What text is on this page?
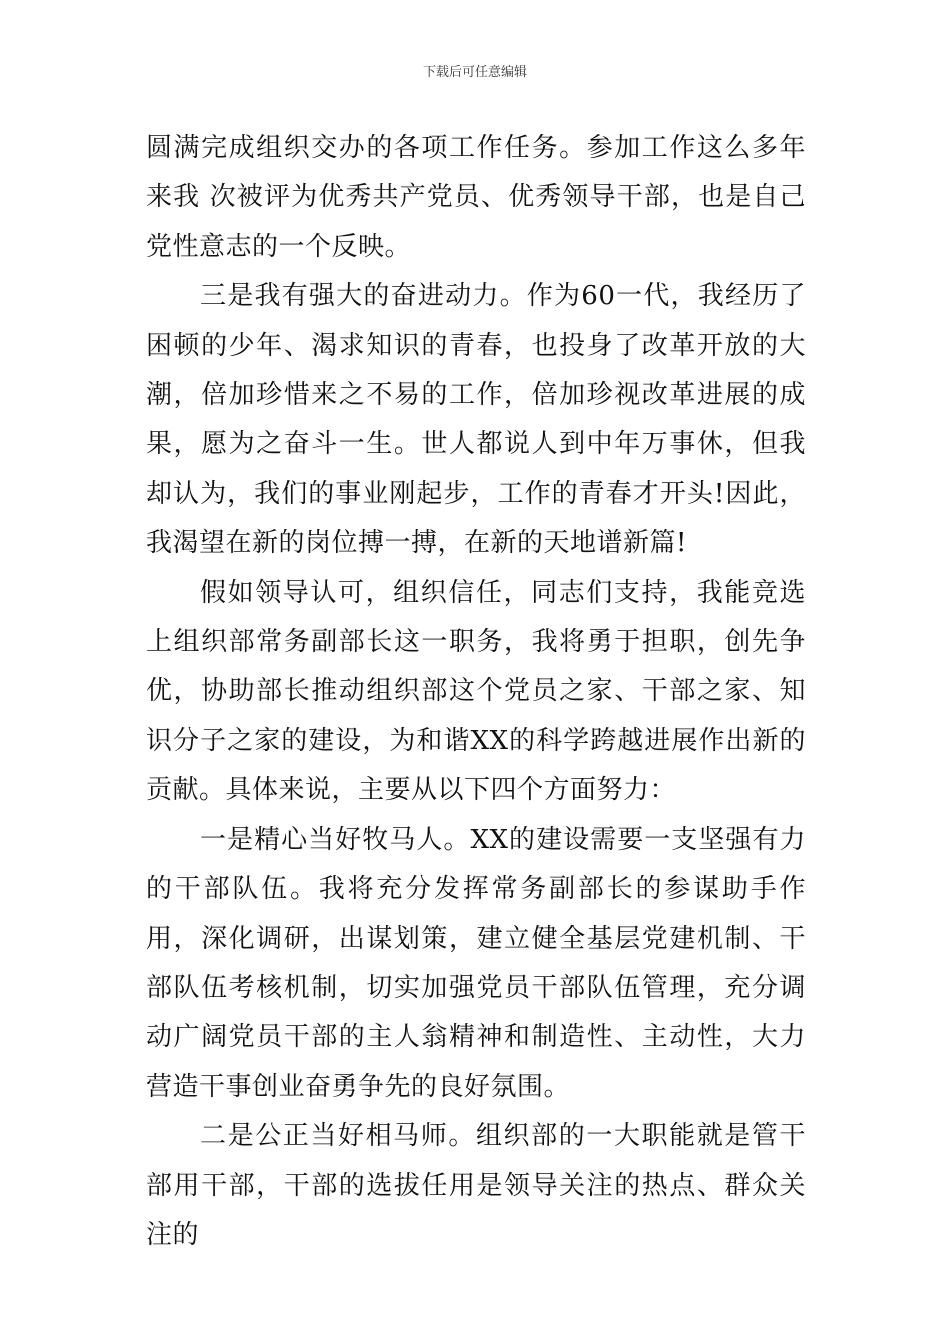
下载后可任意编辑

圆满完成组织交办的各项工作任务。参加工作这么多年来我 次被评为优秀共产党员、优秀领导干部，也是自己党性意志的一个反映。

三是我有强大的奋进动力。作为60一代，我经历了困顿的少年、渴求知识的青春，也投身了改革开放的大潮，倍加珍惜来之不易的工作，倍加珍视改革进展的成果，愿为之奋斗一生。世人都说人到中年万事休，但我却认为，我们的事业刚起步，工作的青春才开头!因此，我渴望在新的岗位搏一搏，在新的天地谱新篇!

假如领导认可，组织信任，同志们支持，我能竞选上组织部常务副部长这一职务，我将勇于担职，创先争优，协助部长推动组织部这个党员之家、干部之家、知识分子之家的建设，为和谐XX的科学跨越进展作出新的贡献。具体来说，主要从以下四个方面努力：

一是精心当好牧马人。XX的建设需要一支坚强有力的干部队伍。我将充分发挥常务副部长的参谋助手作用，深化调研，出谋划策，建立健全基层党建机制、干部队伍考核机制，切实加强党员干部队伍管理，充分调动广阔党员干部的主人翁精神和制造性、主动性，大力营造干事创业奋勇争先的良好氛围。

二是公正当好相马师。组织部的一大职能就是管干部用干部，干部的选拔任用是领导关注的热点、群众关注的
